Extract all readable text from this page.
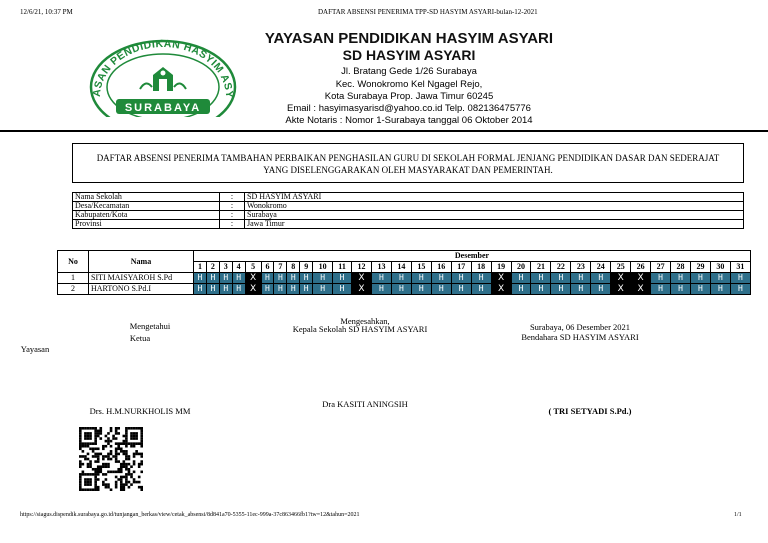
12/6/21, 10:37 PM	DAFTAR ABSENSI PENERIMA TPP-SD HASYIM ASYARI-bulan-12-2021
ASAN PENDIDIKAN HASYIM ASY
SURABAYA
YAYASAN PENDIDIKAN HASYIM ASYARI
SD HASYIM ASYARI
Jl. Bratang Gede 1/26 Surabaya
Kec. Wonokromo Kel Ngagel Rejo,
Kota Surabaya Prop. Jawa Timur 60245
Email : hasyimasyarisd@yahoo.co.id Telp. 082136475776
Akte Notaris : Nomor 1-Surabaya tanggal 06 Oktober 2014
DAFTAR ABSENSI PENERIMA TAMBAHAN PERBAIKAN PENGHASILAN GURU DI SEKOLAH FORMAL JENJANG PENDIDIKAN DASAR DAN SEDERAJAT
YANG DISELENGGARAKAN OLEH MASYARAKAT DAN PEMERINTAH.
Nama Sekolah	:	SD HASYIM ASYARI
Desa/Kecamatan	:	Wonokromo
Kabupaten/Kota	:	Surabaya
Provinsi	:	Jawa Timur
No	Nama	Desember																														
		1	2	3	4	5	6	7	8	9	10	11	12	13	14	15	16	17	18	19	20	21	22	23	24	25	26	27	28	29	30	31
1	SITI MAISYAROH S.Pd	H	H	H	H	X	H	H	H	H	H	H	X	H	H	H	H	H	H	X	H	H	H	H	H	X	X	H	H	H	H	H
2	HARTONO S.Pd.I	H	H	H	H	X	H	H	H	H	H	H	X	H	H	H	H	H	H	X	H	H	H	H	H	X	X	H	H	H	H	H
Mengetahui
Ketua
Yayasan
Drs. H.M.NURKHOLIS MM
Mengesahkan,
Kepala Sekolah SD HASYIM ASYARI
Dra KASITI ANINGSIH
Surabaya, 06 Desember 2021
Bendahara SD HASYIM ASYARI
( TRI SETYADI S.Pd.)
https://siagus.dispendik.surabaya.go.id/tunjangan_berkas/view/cetak_absensi/8d841a70-5355-11ec-999a-37c863466fb1?tw=12&tahun=2021	1/1
